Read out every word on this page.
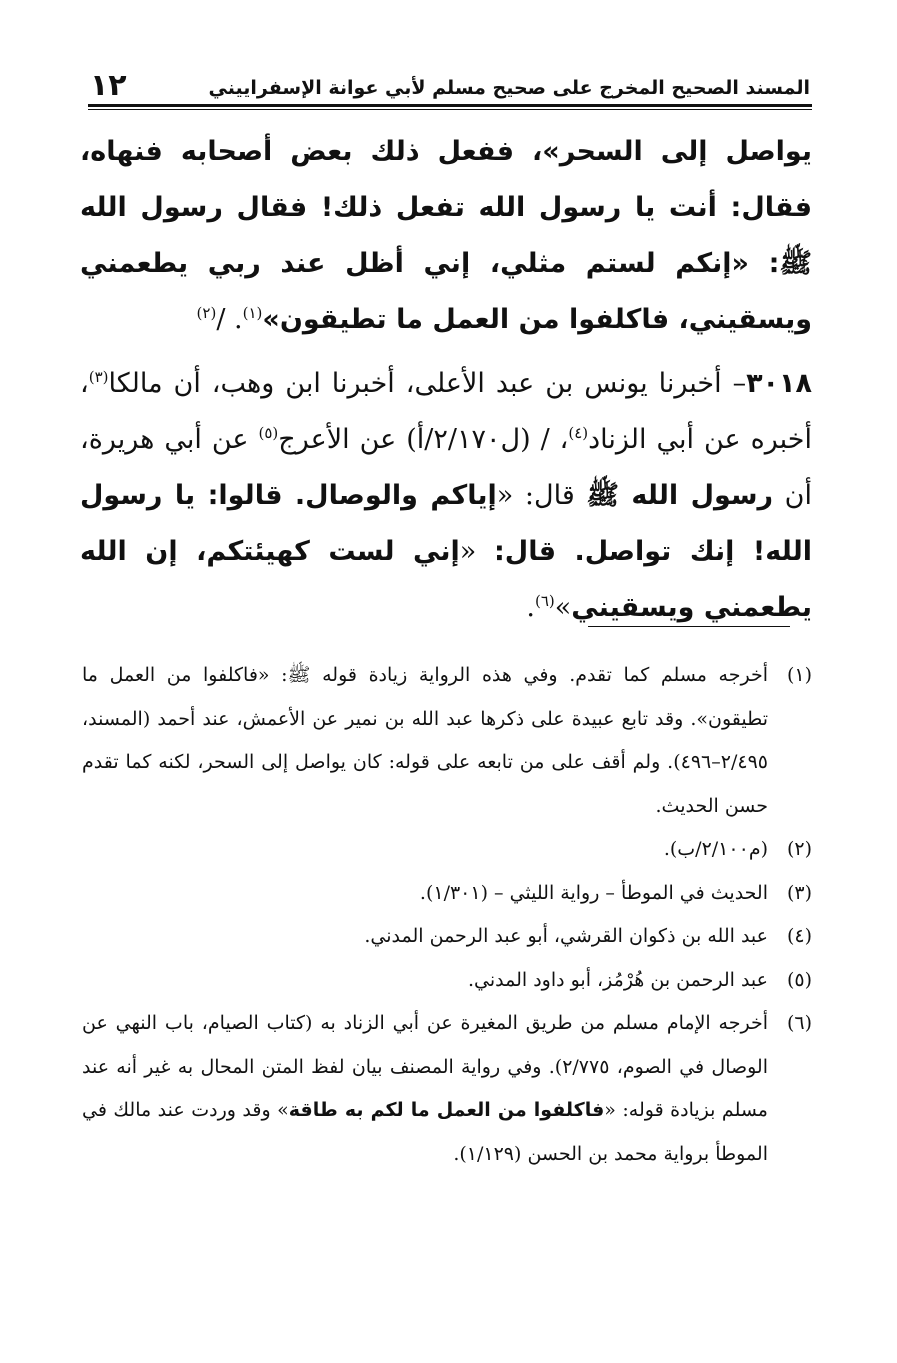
١٢	المسند الصحيح المخرج على صحيح مسلم لأبي عوانة الإسفراييني

يواصل إلى السحر»، ففعل ذلك بعض أصحابه فنهاه، فقال: أنت يا رسول الله تفعل ذلك! فقال رسول الله ﷺ: «إنكم لستم مثلي، إني أظل عند ربي يطعمني ويسقيني، فاكلفوا من العمل ما تطيقون»$^{(١)}$. /$^{(٢)}$

٣٠١٨– أخبرنا يونس بن عبد الأعلى، أخبرنا ابن وهب، أن مالكا$^{(٣)}$، أخبره عن أبي الزناد$^{(٤)}$، / (ل٢/١٧٠/أ) عن الأعرج$^{(٥)}$ عن أبي هريرة، أن رسول الله ﷺ قال: «إياكم والوصال. قالوا: يا رسول الله! إنك تواصل. قال: «إني لست كهيئتكم، إن الله يطعمني ويسقيني»$^{(٦)}$.

(١)
أخرجه مسلم كما تقدم. وفي هذه الرواية زيادة قوله ﷺ: «فاكلفوا من العمل ما تطيقون». وقد تابع عبيدة على ذكرها عبد الله بن نمير عن الأعمش، عند أحمد (المسند، ٢/٤٩٥–٤٩٦). ولم أقف على من تابعه على قوله: كان يواصل إلى السحر، لكنه كما تقدم حسن الحديث.
(٢)
(م٢/١٠٠/ب).
(٣)
الحديث في الموطأ – رواية الليثي – (١/٣٠١).
(٤)
عبد الله بن ذكوان القرشي، أبو عبد الرحمن المدني.
(٥)
عبد الرحمن بن هُرْمُز، أبو داود المدني.
(٦)
أخرجه الإمام مسلم من طريق المغيرة عن أبي الزناد به (كتاب الصيام، باب النهي عن الوصال في الصوم، ٢/٧٧٥). وفي رواية المصنف بيان لفظ المتن المحال به غير أنه عند مسلم بزيادة قوله: «فاكلفوا من العمل ما لكم به طاقة» وقد وردت عند مالك في الموطأ برواية محمد بن الحسن (١/١٢٩).
